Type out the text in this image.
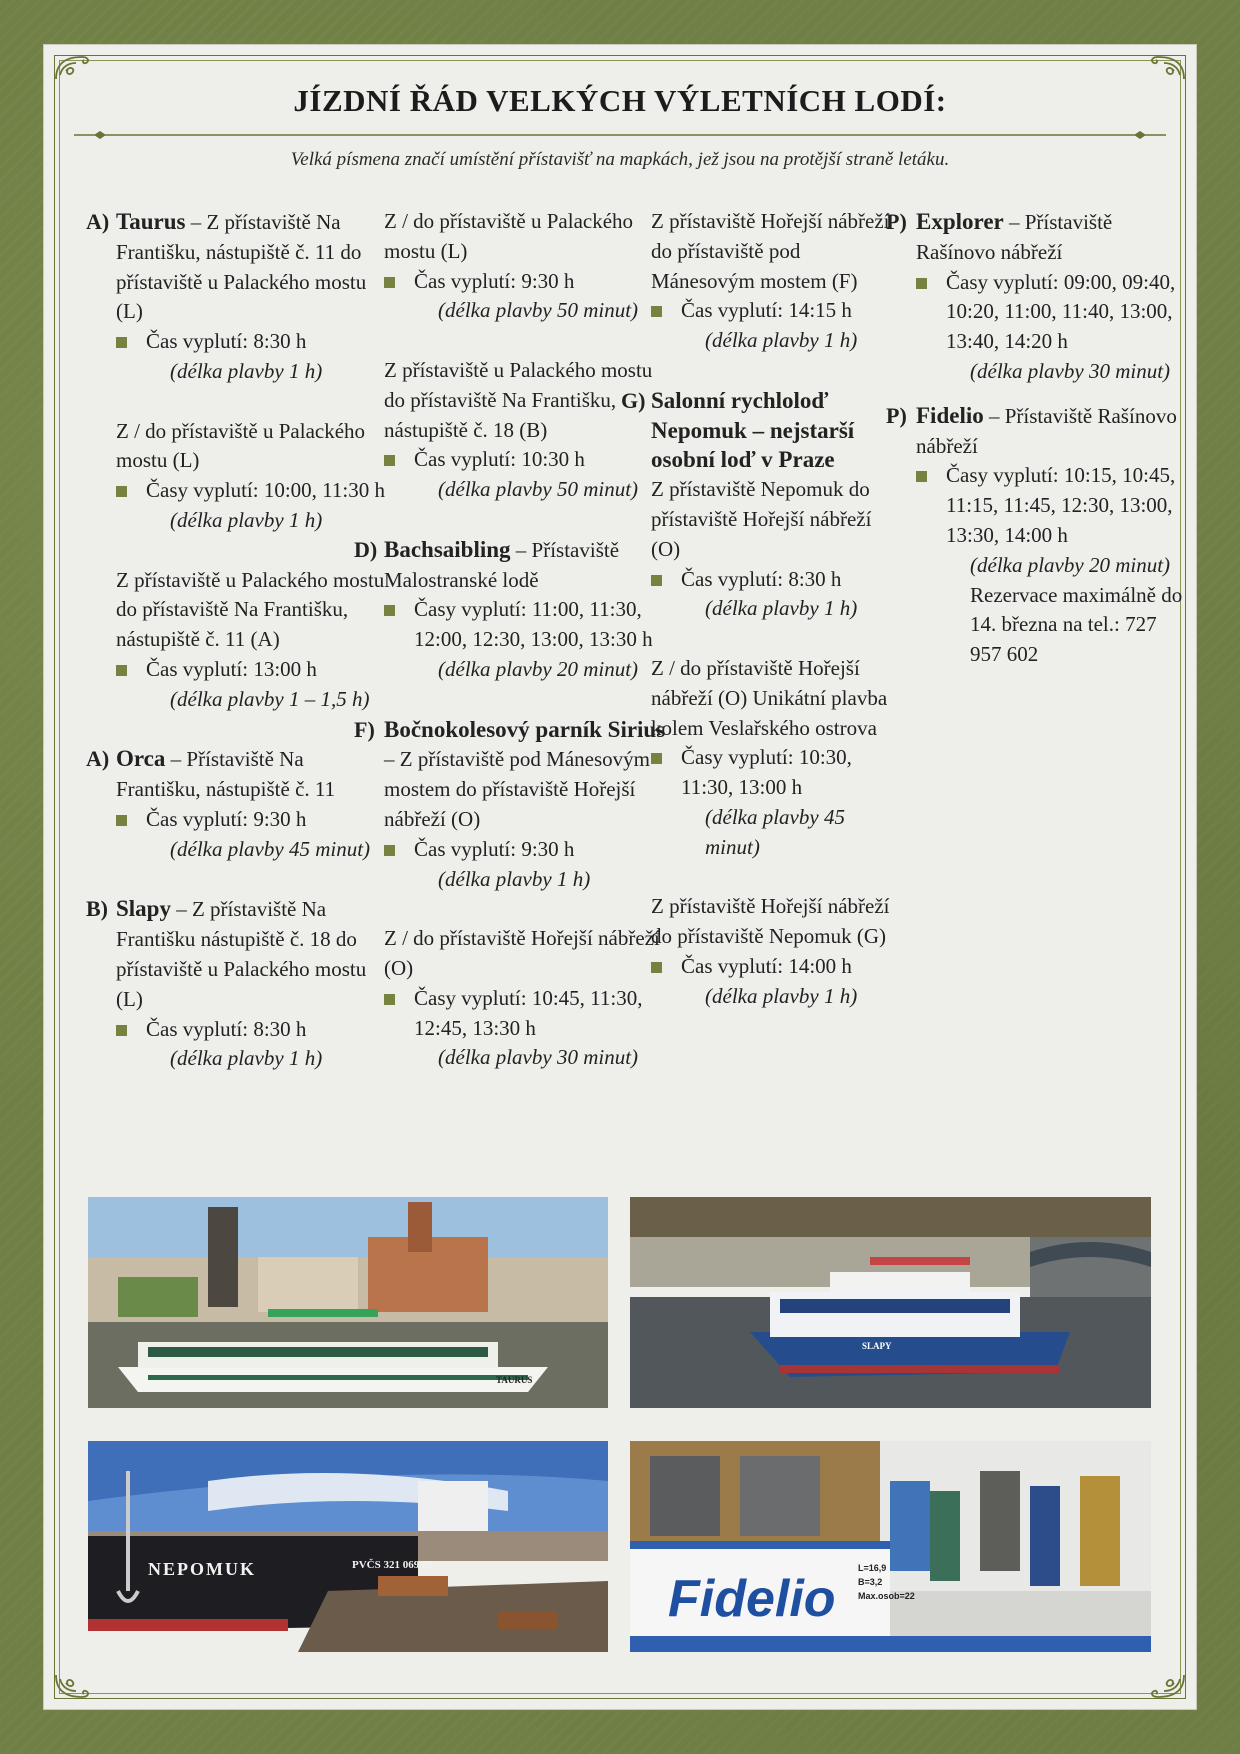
JÍZDNÍ ŘÁD VELKÝCH VÝLETNÍCH LODÍ:
Velká písmena značí umístění přístavišť na mapkách, jež jsou na protější straně letáku.
A) Taurus – Z přístaviště Na Františku, nástupiště č. 11 do přístaviště u Palackého mostu (L)
Čas vyplutí: 8:30 h
(délka plavby 1 h)
Z / do přístaviště u Palackého mostu (L)
Časy vyplutí: 10:00, 11:30 h
(délka plavby 1 h)
Z přístaviště u Palackého mostu do přístaviště Na Františku, nástupiště č. 11 (A)
Čas vyplutí: 13:00 h
(délka plavby 1 – 1,5 h)
A) Orca – Přístaviště Na Františku, nástupiště č. 11
Čas vyplutí: 9:30 h
(délka plavby 45 minut)
B) Slapy – Z přístaviště Na Františku nástupiště č. 18 do přístaviště u Palackého mostu (L)
Čas vyplutí: 8:30 h
(délka plavby 1 h)
Z / do přístaviště u Palackého mostu (L)
Čas vyplutí: 9:30 h
(délka plavby 50 minut)
Z přístaviště u Palackého mostu do přístaviště Na Františku, nástupiště č. 18 (B)
Čas vyplutí: 10:30 h
(délka plavby 50 minut)
D) Bachsaibling – Přístaviště Malostranské lodě
Časy vyplutí: 11:00, 11:30, 12:00, 12:30, 13:00, 13:30 h
(délka plavby 20 minut)
F) Bočnokolesový parník Sirius – Z přístaviště pod Mánesovým mostem do přístaviště Hořejší nábřeží (O)
Čas vyplutí: 9:30 h
(délka plavby 1 h)
Z / do přístaviště Hořejší nábřeží (O)
Časy vyplutí: 10:45, 11:30, 12:45, 13:30 h
(délka plavby 30 minut)
Z přístaviště Hořejší nábřeží do přístaviště pod Mánesovým mostem (F)
Čas vyplutí: 14:15 h
(délka plavby 1 h)
G) Salonní rychloloď Nepomuk – nejstarší osobní loď v Praze
Z přístaviště Nepomuk do přístaviště Hořejší nábřeží (O)
Čas vyplutí: 8:30 h
(délka plavby 1 h)
Z / do přístaviště Hořejší nábřeží (O) Unikátní plavba kolem Veslařského ostrova
Časy vyplutí: 10:30, 11:30, 13:00 h
(délka plavby 45 minut)
Z přístaviště Hořejší nábřeží do přístaviště Nepomuk (G)
Čas vyplutí: 14:00 h
(délka plavby 1 h)
P) Explorer – Přístaviště Rašínovo nábřeží
Časy vyplutí: 09:00, 09:40, 10:20, 11:00, 11:40, 13:00, 13:40, 14:20 h
(délka plavby 30 minut)
P) Fidelio – Přístaviště Rašínovo nábřeží
Časy vyplutí: 10:15, 10:45, 11:15, 11:45, 12:30, 13:00, 13:30, 14:00 h
(délka plavby 20 minut)
Rezervace maximálně do 14. března na tel.: 727 957 602
TAURUS
SLAPY
NEPOMUK	PVČS 321 069 89
Fidelio
L=16,9
B=3,2
Max.osob=22
